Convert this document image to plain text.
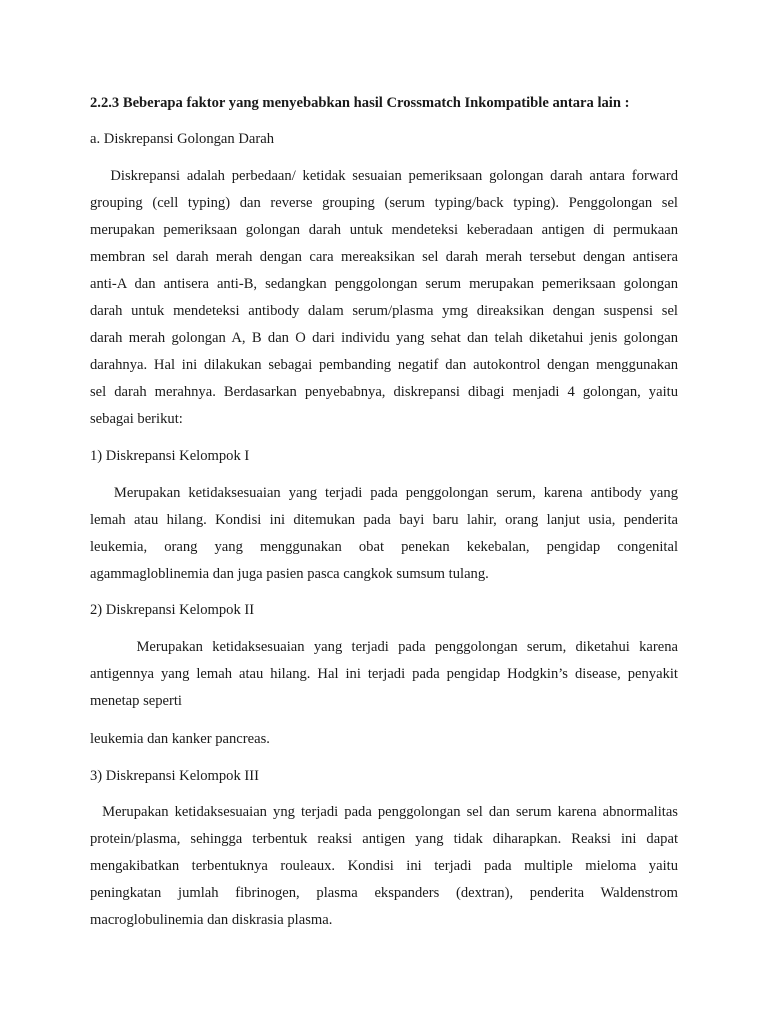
2.2.3 Beberapa faktor yang menyebabkan hasil Crossmatch Inkompatible antara lain :
a. Diskrepansi Golongan Darah
Diskrepansi adalah perbedaan/ ketidak sesuaian pemeriksaan golongan darah antara forward
grouping (cell typing) dan reverse grouping (serum typing/back typing). Penggolongan sel
merupakan pemeriksaan golongan darah untuk mendeteksi keberadaan antigen di permukaan
membran sel darah merah dengan cara mereaksikan sel darah merah tersebut dengan antisera
anti-A dan antisera anti-B, sedangkan penggolongan serum merupakan pemeriksaan golongan
darah untuk mendeteksi antibody dalam serum/plasma ymg direaksikan dengan suspensi sel
darah merah golongan A, B dan O dari individu yang sehat dan telah diketahui jenis golongan
darahnya. Hal ini dilakukan sebagai pembanding negatif dan autokontrol dengan menggunakan
sel darah merahnya. Berdasarkan penyebabnya, diskrepansi dibagi menjadi 4 golongan, yaitu
sebagai berikut:
1) Diskrepansi Kelompok I
Merupakan ketidaksesuaian yang terjadi pada penggolongan serum, karena antibody yang
lemah atau hilang. Kondisi ini ditemukan pada bayi baru lahir, orang lanjut usia, penderita
leukemia, orang yang menggunakan obat penekan kekebalan, pengidap congenital
agammagloblinemia dan juga pasien pasca cangkok sumsum tulang.
2) Diskrepansi Kelompok II
Merupakan ketidaksesuaian yang terjadi pada penggolongan serum, diketahui karena
antigennya yang lemah atau hilang. Hal ini terjadi pada pengidap Hodgkin’s disease, penyakit
menetap seperti
leukemia dan kanker pancreas.
3) Diskrepansi Kelompok III
Merupakan ketidaksesuaian yng terjadi pada penggolongan sel dan serum karena abnormalitas
protein/plasma, sehingga terbentuk reaksi antigen yang tidak diharapkan. Reaksi ini dapat
mengakibatkan terbentuknya rouleaux. Kondisi ini terjadi pada multiple mieloma yaitu
peningkatan jumlah fibrinogen, plasma ekspanders (dextran), penderita Waldenstrom
macroglobulinemia dan diskrasia plasma.
